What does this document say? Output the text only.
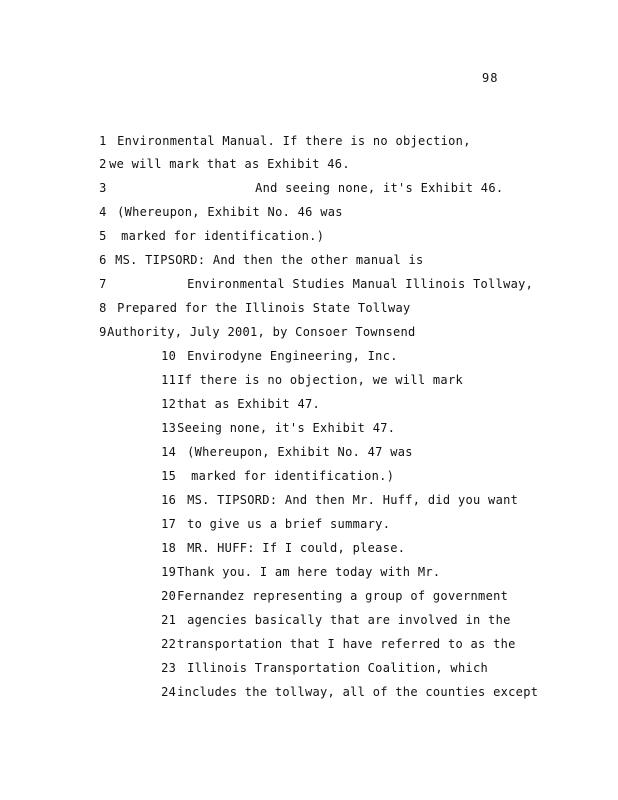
98

1 Environmental Manual. If there is no objection,

2 we will mark that as Exhibit 46.

3	And seeing none, it's Exhibit 46.

4 (Whereupon, Exhibit No. 46 was

5 marked for identification.)

6 MS. TIPSORD: And then the other manual is

7	Environmental Studies Manual Illinois Tollway,

8 Prepared for the Illinois State Tollway

9Authority, July 2001, by Consoer Townsend

10 Envirodyne Engineering, Inc.

11If there is no objection, we will mark

12that as Exhibit 47.

13Seeing none, it's Exhibit 47.

14 (Whereupon, Exhibit No. 47 was

15 marked for identification.)

16 MS. TIPSORD: And then Mr. Huff, did you want

17 to give us a brief summary.

18 MR. HUFF: If I could, please.

19Thank you. I am here today with Mr.

20Fernandez representing a group of government

21 agencies basically that are involved in the

22transportation that I have referred to as the

23 Illinois Transportation Coalition, which

24includes the tollway, all of the counties except
